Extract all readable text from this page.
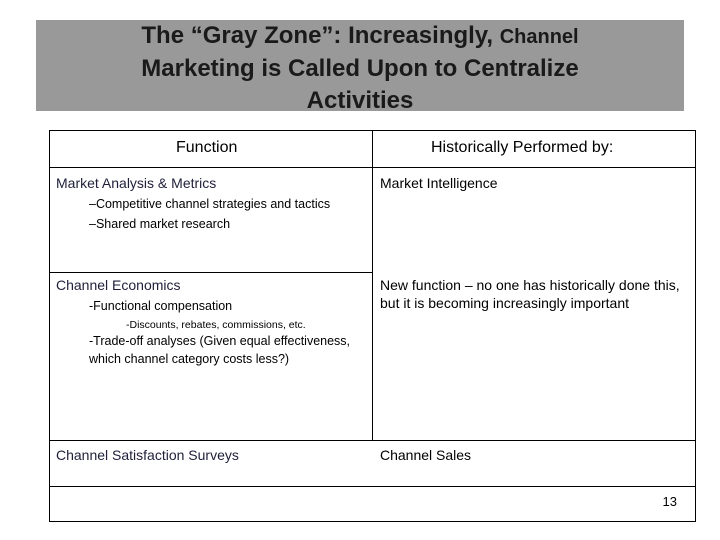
The “Gray Zone”: Increasingly, Channel
Marketing is Called Upon to Centralize
Activities
Function	Historically Performed by:
Market Analysis & Metrics
–Competitive channel strategies and tactics
–Shared market research
Market Intelligence
Channel Economics
-Functional compensation
-Discounts, rebates, commissions, etc.
-Trade-off analyses (Given equal effectiveness, which channel category costs less?)
New function – no one has historically done this, but it is becoming increasingly important
Channel Satisfaction Surveys	Channel Sales
13
